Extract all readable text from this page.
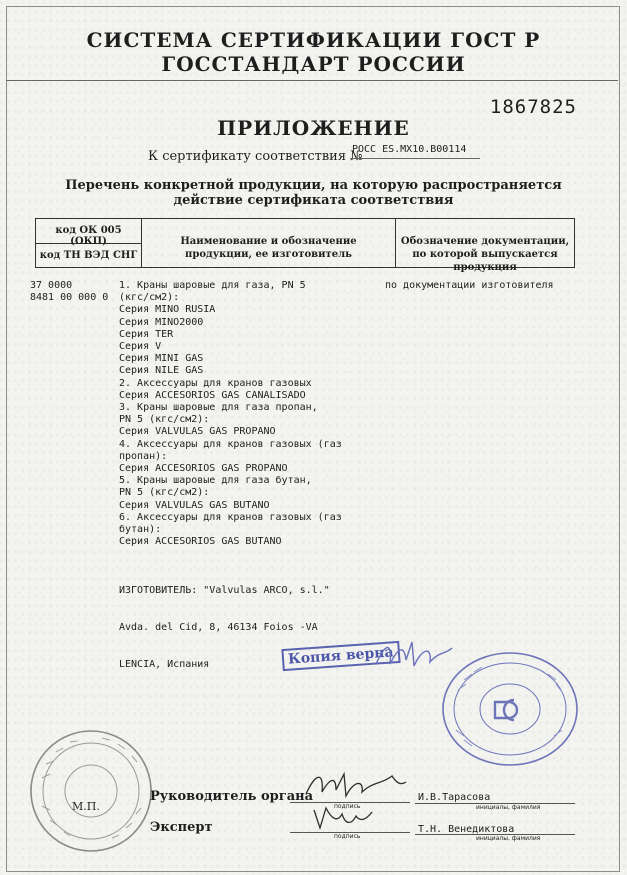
СИСТЕМА СЕРТИФИКАЦИИ ГОСТ Р
ГОССТАНДАРТ РОССИИ
1867825
ПРИЛОЖЕНИЕ
К сертификату соответствия №
РОСС ES.MX10.B00114
Перечень конкретной продукции, на которую распространяется
действие сертификата соответствия
код ОК 005 (ОКП)
код ТН ВЭД СНГ
Наименование и обозначение
продукции, ее изготовитель
Обозначение документации,
по которой выпускается продукция
37 0000
8481 00 000 0
1. Краны шаровые для газа, PN 5
(кгс/см2):
Серия MINO RUSIA
Серия MINO2000
Серия TER
Серия V
Серия MINI GAS
Серия NILE GAS
2. Аксессуары для кранов газовых
Серия ACCESORIOS GAS CANALISADO
3. Краны шаровые для газа пропан,
PN 5 (кгс/см2):
Серия VALVULAS GAS PROPANO
4. Аксессуары для кранов газовых (газ
пропан):
Серия ACCESORIOS GAS PROPANO
5. Краны шаровые для газа бутан,
PN 5 (кгс/см2):
Серия VALVULAS GAS BUTANO
6. Аксессуары для кранов газовых (газ
бутан):
Серия ACCESORIOS GAS BUTANO
по документации изготовителя

ИЗГОТОВИТЕЛЬ: "Valvulas ARCO, s.l."

Avda. del Cid, 8, 46134 Foios -VA

LENCIA, Испания

	Копия верна
М.П.
Руководитель органа
Эксперт
подпись
подпись
И.В.Тарасова
Т.Н. Венедиктова
инициалы, фамилия
инициалы, фамилия
